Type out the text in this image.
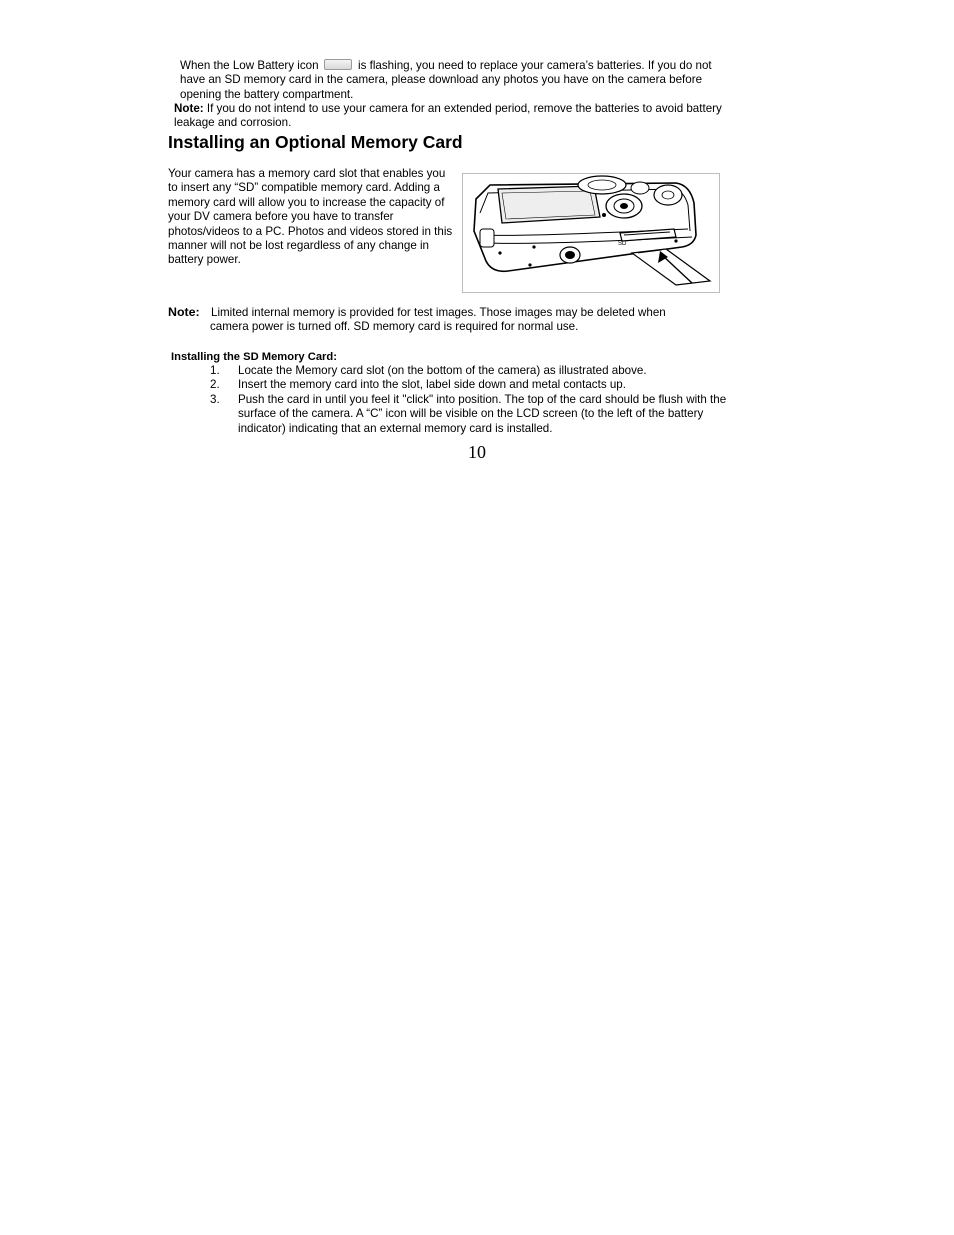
When the Low Battery icon	is flashing, you need to replace your camera’s batteries. If you do not have an SD memory card in the camera, please download any photos you have on the camera before opening the battery compartment.
Note: If you do not intend to use your camera for an extended period, remove the batteries to avoid battery leakage and corrosion.
Installing an Optional Memory Card
Your camera has a memory card slot that enables you to insert any “SD” compatible memory card. Adding a memory card will allow you to increase the capacity of your DV camera before you have to transfer photos/videos to a PC. Photos and videos stored in this manner will not be lost regardless of any change in battery power.
SD
Note: Limited internal memory is provided for test images. Those images may be deleted when
camera power is turned off. SD memory card is required for normal use.
Installing the SD Memory Card:
1. Locate the Memory card slot (on the bottom of the camera) as illustrated above.
2. Insert the memory card into the slot, label side down and metal contacts up.
3. Push the card in until you feel it "click" into position. The top of the card should be flush with the surface of the camera. A “C” icon will be visible on the LCD screen (to the left of the battery indicator) indicating that an external memory card is installed.
10
